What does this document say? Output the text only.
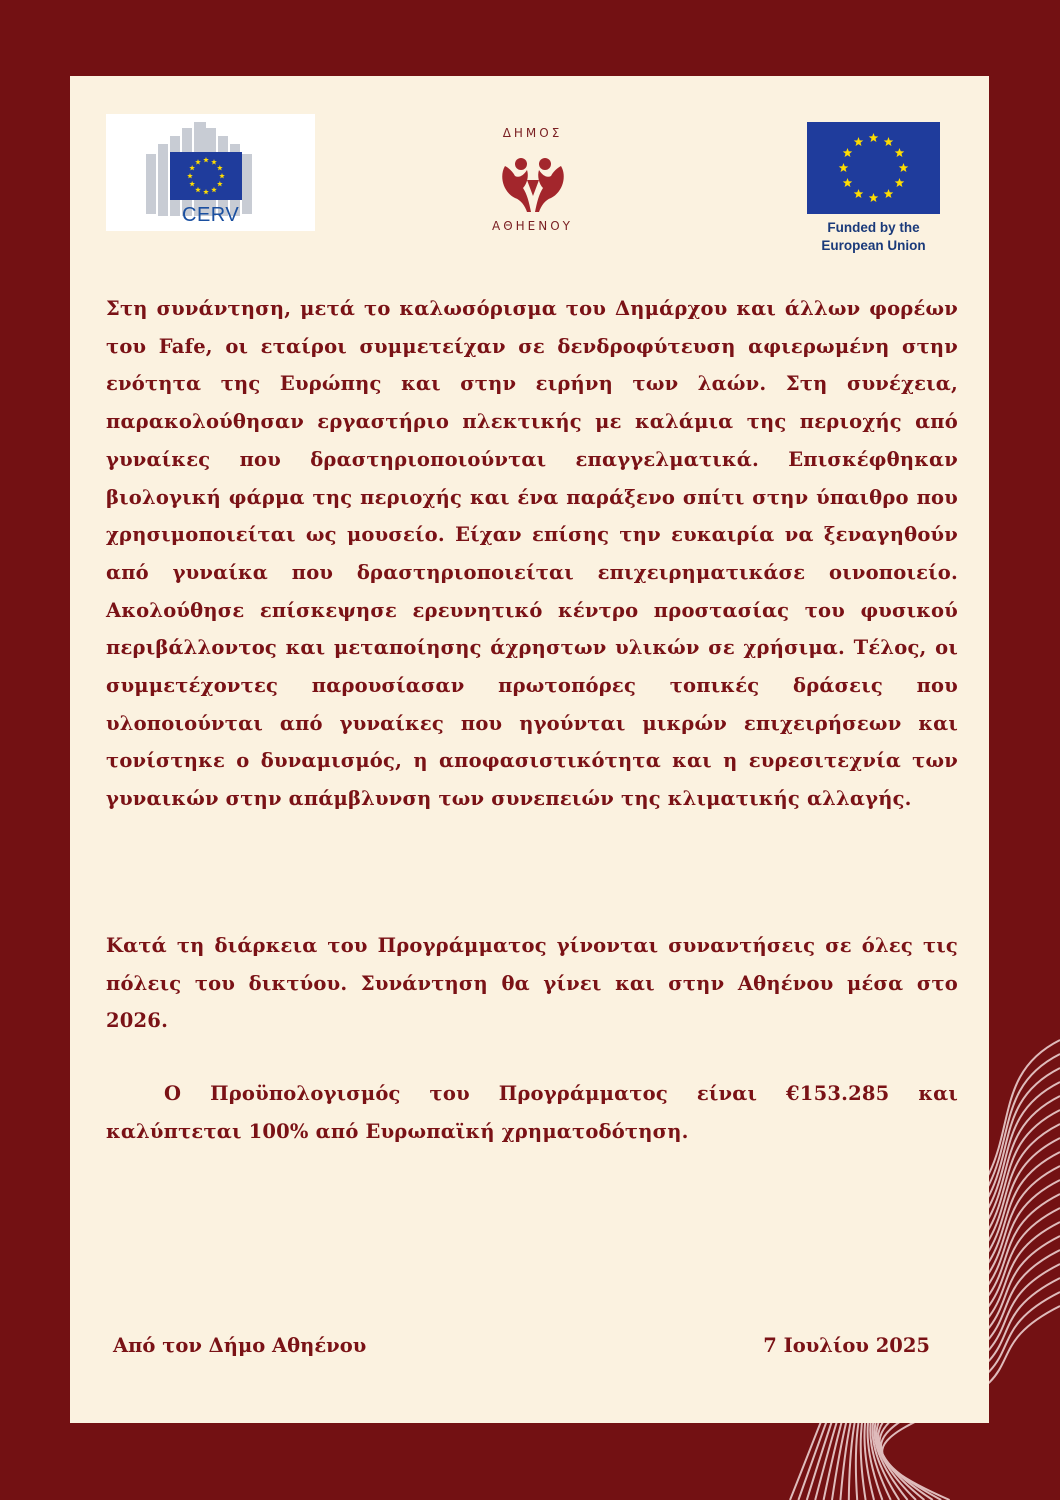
CERV
ΔΗΜΟΣ
ΑΘΗΕΝΟΥ	Funded by the
European Union
Στη συνάντηση, μετά το καλωσόρισμα του Δημάρχου και άλλων φορέων του Fafe, οι εταίροι συμμετείχαν σε δενδροφύτευση αφιερωμένη στην ενότητα της Ευρώπης και στην ειρήνη των λαών. Στη συνέχεια, παρακολούθησαν εργαστήριο πλεκτικής με καλάμια της περιοχής από γυναίκες που δραστηριοποιούνται επαγγελματικά. Επισκέφθηκαν βιολογική φάρμα της περιοχής και ένα παράξενο σπίτι στην ύπαιθρο που χρησιμοποιείται ως μουσείο. Είχαν επίσης την ευκαιρία να ξεναγηθούν από γυναίκα που δραστηριοποιείται επιχειρηματικάσε οινοποιείο. Ακολούθησε επίσκεψησε ερευνητικό κέντρο προστασίας του φυσικού περιβάλλοντος και μεταποίησης άχρηστων υλικών σε χρήσιμα. Τέλος, οι συμμετέχοντες παρουσίασαν πρωτοπόρες τοπικές δράσεις που υλοποιούνται από γυναίκες που ηγούνται μικρών επιχειρήσεων και τονίστηκε ο δυναμισμός, η αποφασιστικότητα και η ευρεσιτεχνία των γυναικών στην απάμβλυνση των συνεπειών της κλιματικής αλλαγής.
Κατά τη διάρκεια του Προγράμματος γίνονται συναντήσεις σε όλες τις πόλεις του δικτύου. Συνάντηση θα γίνει και στην Αθηένου μέσα στο 2026.
Ο Προϋπολογισμός του Προγράμματος είναι €153.285 και καλύπτεται 100% από Ευρωπαϊκή χρηματοδότηση.
Από τον Δήμο Αθηένου	7 Ιουλίου 2025
